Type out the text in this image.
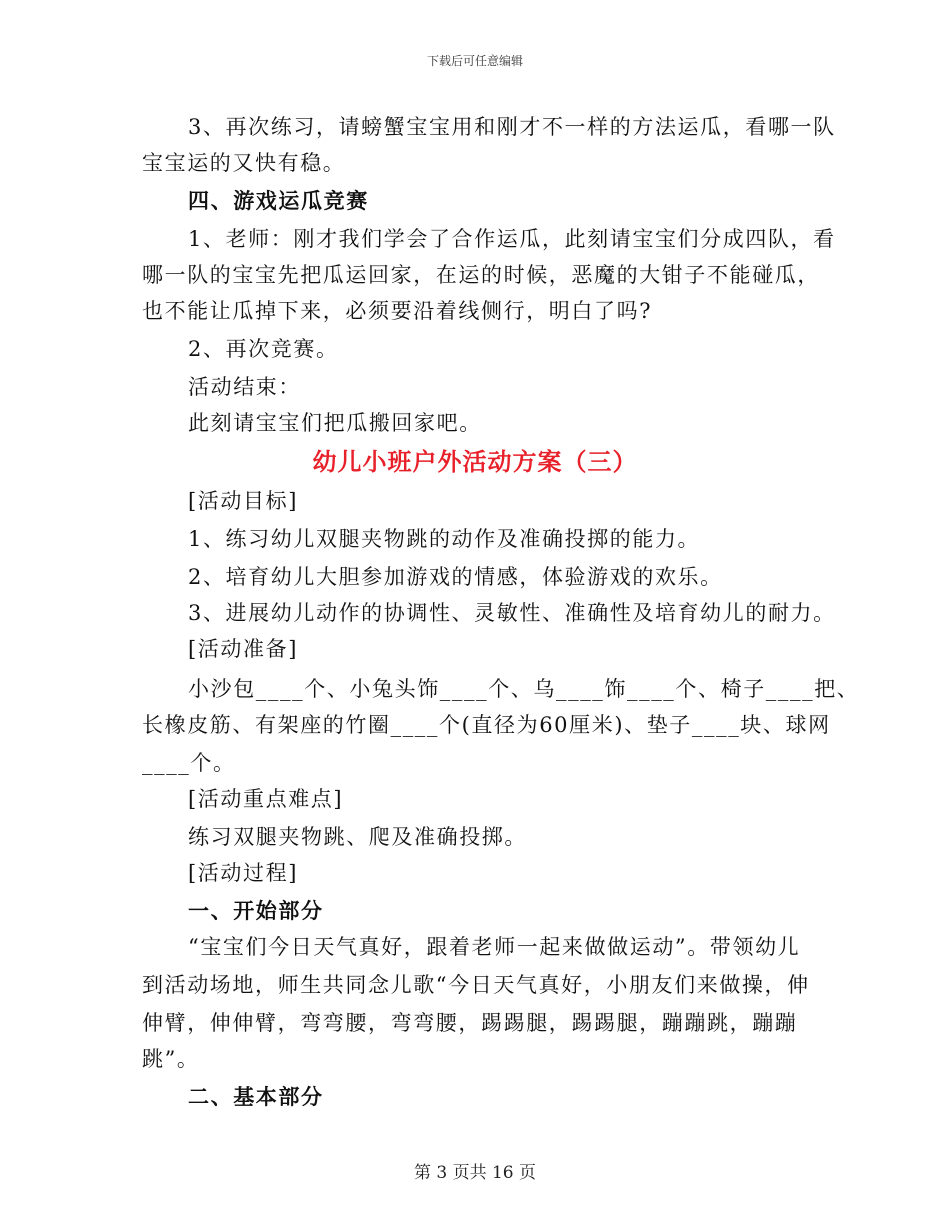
下载后可任意编辑
3、再次练习，请螃蟹宝宝用和刚才不一样的方法运瓜，看哪一队
宝宝运的又快有稳。
四、游戏运瓜竞赛
1、老师：刚才我们学会了合作运瓜，此刻请宝宝们分成四队，看
哪一队的宝宝先把瓜运回家，在运的时候，恶魔的大钳子不能碰瓜，
也不能让瓜掉下来，必须要沿着线侧行，明白了吗?
2、再次竞赛。
活动结束：
此刻请宝宝们把瓜搬回家吧。
幼儿小班户外活动方案（三）
[活动目标]
1、练习幼儿双腿夹物跳的动作及准确投掷的能力。
2、培育幼儿大胆参加游戏的情感，体验游戏的欢乐。
3、进展幼儿动作的协调性、灵敏性、准确性及培育幼儿的耐力。
[活动准备]
小沙包____个、小兔头饰____个、乌____饰____个、椅子____把、
长橡皮筋、有架座的竹圈____个(直径为60厘米)、垫子____块、球网
____个。
[活动重点难点]
练习双腿夹物跳、爬及准确投掷。
[活动过程]
一、开始部分
“宝宝们今日天气真好，跟着老师一起来做做运动”。带领幼儿
到活动场地，师生共同念儿歌“今日天气真好，小朋友们来做操，伸
伸臂，伸伸臂，弯弯腰，弯弯腰，踢踢腿，踢踢腿，蹦蹦跳，蹦蹦
跳”。
二、基本部分
第 3 页共 16 页
